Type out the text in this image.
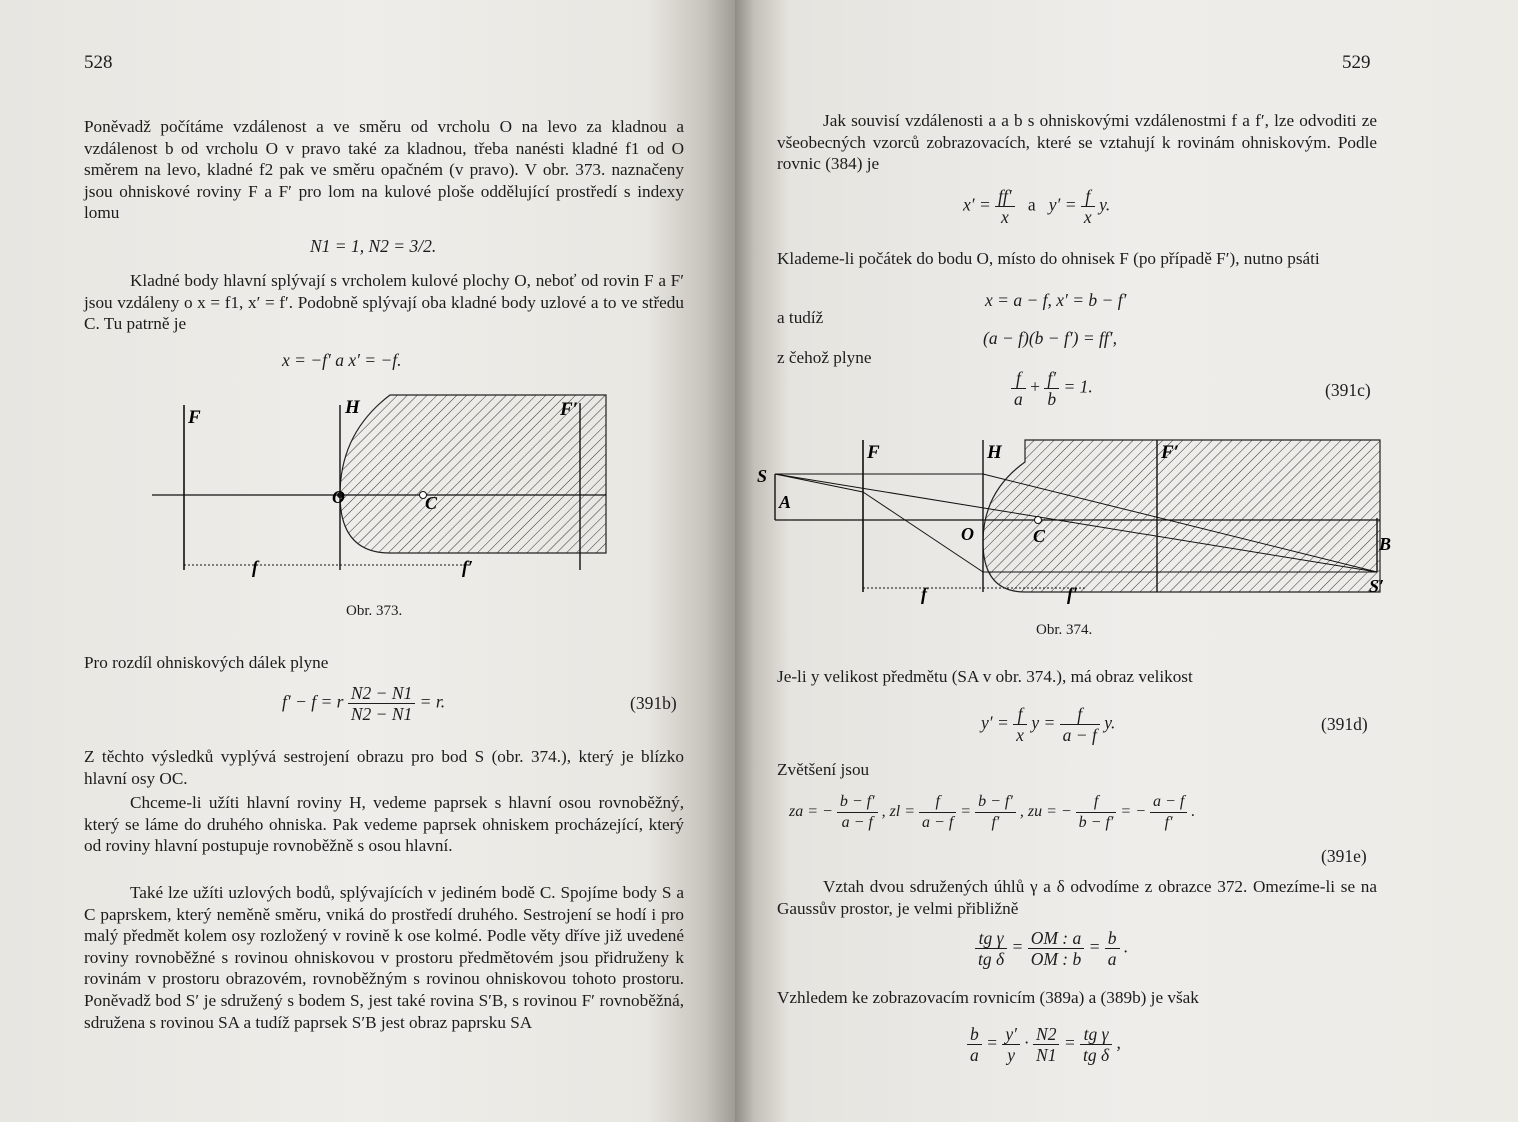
528

Poněvadž počítáme vzdálenost a ve směru od vrcholu O na levo za kladnou a vzdálenost b od vrcholu O v pravo také za kladnou, třeba nanésti kladné f1 od O směrem na levo, kladné f2 pak ve směru opačném (v pravo). V obr. 373. naznačeny jsou ohniskové roviny F a F′ pro lom na kulové ploše oddělující prostředí s indexy lomu

N1 = 1, N2 = 3/2.

Kladné body hlavní splývají s vrcholem kulové plochy O, neboť od rovin F a F′ jsou vzdáleny o x = f1, x′ = f′. Podobně splývají oba kladné body uzlové a to ve středu C. Tu patrně je

x = −f′ a x′ = −f.
F	H	F′
O	C
f	f′
Obr. 373.
Pro rozdíl ohniskových dálek plyne
f′ − f = r $\frac{N2 - N1}{N2 - N1} = r$.	(391b)

Z těchto výsledků vyplývá sestrojení obrazu pro bod S (obr. 374.), který je blízko hlavní osy OC.

Chceme-li užíti hlavní roviny H, vedeme paprsek s hlavní osou rovnoběžný, který se láme do druhého ohniska. Pak vedeme paprsek ohniskem procházející, který od roviny hlavní postupuje rovnoběžně s osou hlavní.

Také lze užíti uzlových bodů, splývajících v jediném bodě C. Spojíme body S a C paprskem, který neměně směru, vniká do prostředí druhého. Sestrojení se hodí i pro malý předmět kolem osy rozložený v rovině k ose kolmé. Podle věty dříve již uvedené roviny rovnoběžné s rovinou ohniskovou v prostoru předmětovém jsou přidruženy k rovinám v prostoru obrazovém, rovnoběžným s rovinou ohniskovou tohoto prostoru. Poněvadž bod S′ je sdružený s bodem S, jest také rovina S′B, s rovinou F′ rovnoběžná, sdružena s rovinou SA a tudíž paprsek S′B jest obraz paprsku SA

529

Jak souvisí vzdálenosti a a b s ohniskovými vzdálenostmi f a f′, lze odvoditi ze všeobecných vzorců zobrazovacích, které se vztahují k rovinám ohniskovým. Podle rovnic (384) je

$x' = \frac{ff'}{x}$ a $y' = \frac{f}{x} y$.

Klademe-li počátek do bodu O, místo do ohnisek F (po případě F′), nutno psáti

x = a − f, x′ = b − f′
a tudíž
(a − f)(b − f′) = ff′,
z čehož plyne
$\frac{f}{a} + \frac{f'}{b} = 1$.	(391c)
S
A
F	H	F′
O	C	B
S′
f	f′
Obr. 374.
Je-li y velikost předmětu (SA v obr. 374.), má obraz velikost
$y' = \frac{f}{x}$ $y = \frac{f}{a - f} y$.	(391d)
Zvětšení jsou
za = − $\frac{b - f'}{a - f}$ , zl = $\frac{f}{a - f} = \frac{b - f'}{f'}$ , zu = − $\frac{f}{b - f'}$ = − $\frac{a - f}{f'}$ .
(391e)

Vztah dvou sdružených úhlů γ a δ odvodíme z obrazce 372. Omezíme-li se na Gaussův prostor, je velmi přibližně

$\frac{\text{tg γ}}{\text{tg δ}} = \frac{OM : a}{OM : b} = \frac{b}{a}$ .
Vzhledem ke zobrazovacím rovnicím (389a) a (389b) je však
$\frac{b}{a} = \frac{y'}{y} \cdot \frac{N2}{N1} = \frac{\text{tg γ}}{\text{tg δ}}$ ,
